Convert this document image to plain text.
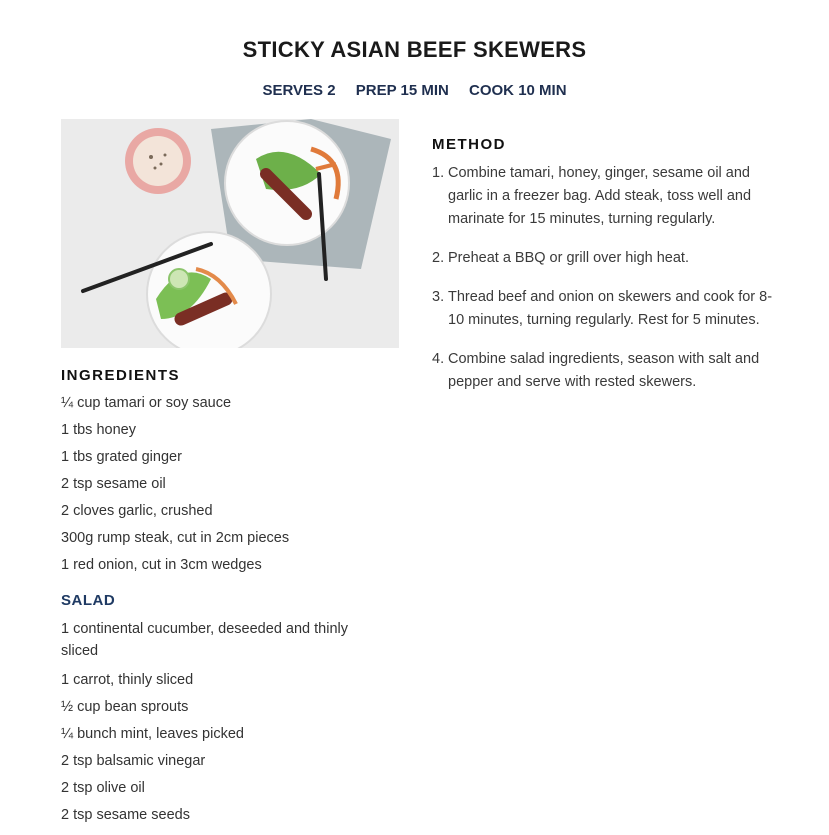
STICKY ASIAN BEEF SKEWERS
SERVES 2 PREP 15 MIN COOK 10 MIN
INGREDIENTS
¼ cup tamari or soy sauce
1 tbs honey
1 tbs grated ginger
2 tsp sesame oil
2 cloves garlic, crushed
300g rump steak, cut in 2cm pieces
1 red onion, cut in 3cm wedges
SALAD
1 continental cucumber, deseeded and thinly sliced
1 carrot, thinly sliced
½ cup bean sprouts
¼ bunch mint, leaves picked
2 tsp balsamic vinegar
2 tsp olive oil
2 tsp sesame seeds
METHOD
1. Combine tamari, honey, ginger, sesame oil and garlic in a freezer bag. Add steak, toss well and marinate for 15 minutes, turning regularly.
2. Preheat a BBQ or grill over high heat.
3. Thread beef and onion on skewers and cook for 8-10 minutes, turning regularly. Rest for 5 minutes.
4. Combine salad ingredients, season with salt and pepper and serve with rested skewers.
